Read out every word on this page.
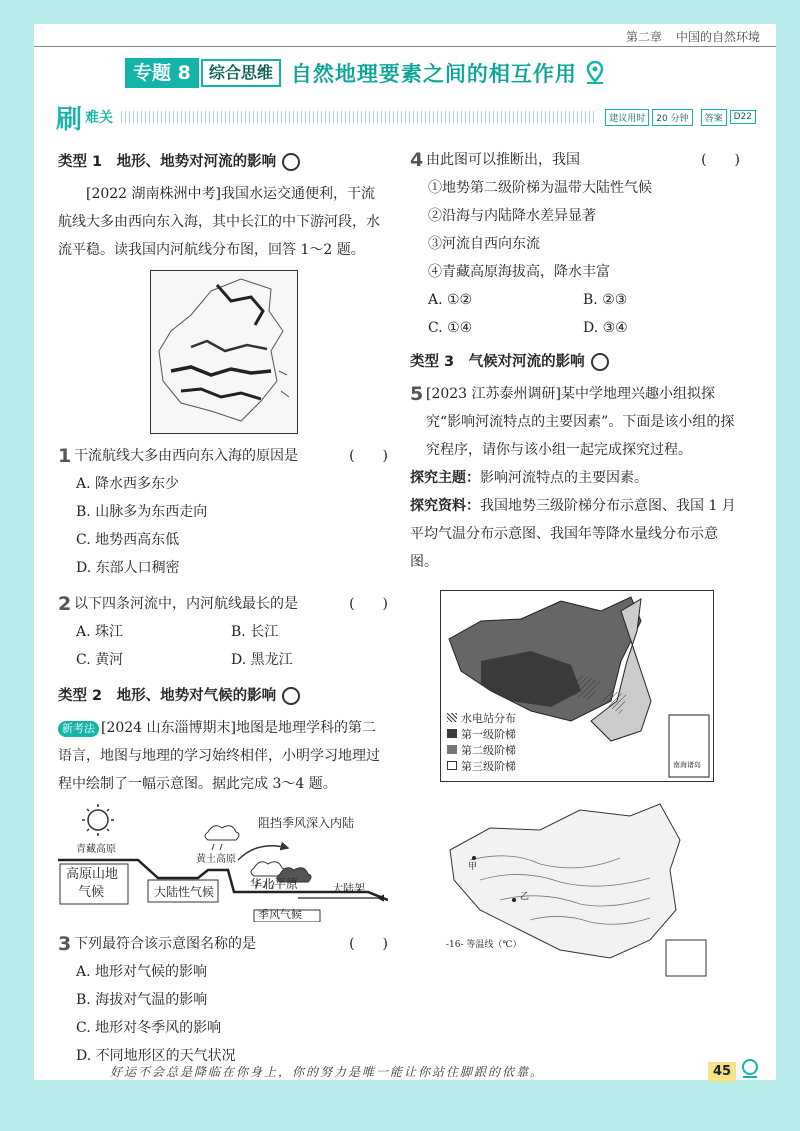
第二章 中国的自然环境
专题 8	综合思维 自然地理要素之间的相互作用
刷 难关	建议用时	20 分钟	答案	D22
类型 1　地形、地势对河流的影响

[2022 湖南株洲中考]我国水运交通便利，干流航线大多由西向东入海，其中长江的中下游河段，水流平稳。读我国内河航线分布图，回答 1～2 题。

1 干流航线大多由西向东入海的原因是	(　　)
A. 降水西多东少
B. 山脉多为东西走向
C. 地势西高东低
D. 东部人口稠密
2 以下四条河流中，内河航线最长的是	(　　)
A. 珠江	B. 长江
C. 黄河	D. 黑龙江
类型 2　地形、地势对气候的影响

新考法 [2024 山东淄博期末]地图是地理学科的第二语言，地图与地理的学习始终相伴，小明学习地理过程中绘制了一幅示意图。据此完成 3～4 题。

青藏高原
黄土高原
阻挡季风深入内陆
高原山地
气候	大陆性气候
华北平原	大陆架
季风气候
3 下列最符合该示意图名称的是	(　　)
A. 地形对气候的影响
B. 海拔对气温的影响
C. 地形对冬季风的影响
D. 不同地形区的天气状况
4 由此图可以推断出，我国	(　　)
①地势第二级阶梯为温带大陆性气候
②沿海与内陆降水差异显著
③河流自西向东流
④青藏高原海拔高，降水丰富
A. ①②	B. ②③
C. ①④	D. ③④
类型 3　气候对河流的影响
5 [2023 江苏泰州调研]某中学地理兴趣小组拟探究“影响河流特点的主要因素”。下面是该小组的探究程序，请你与该小组一起完成探究过程。
探究主题：影响河流特点的主要因素。
探究资料：我国地势三级阶梯分布示意图、我国 1 月平均气温分布示意图、我国年等降水量线分布示意图。
水电站分布
第一级阶梯
第二级阶梯
第三级阶梯	南海诸岛
甲
乙
-16- 等温线（℃）
好运不会总是降临在你身上，你的努力是唯一能让你站住脚跟的依靠。	45
